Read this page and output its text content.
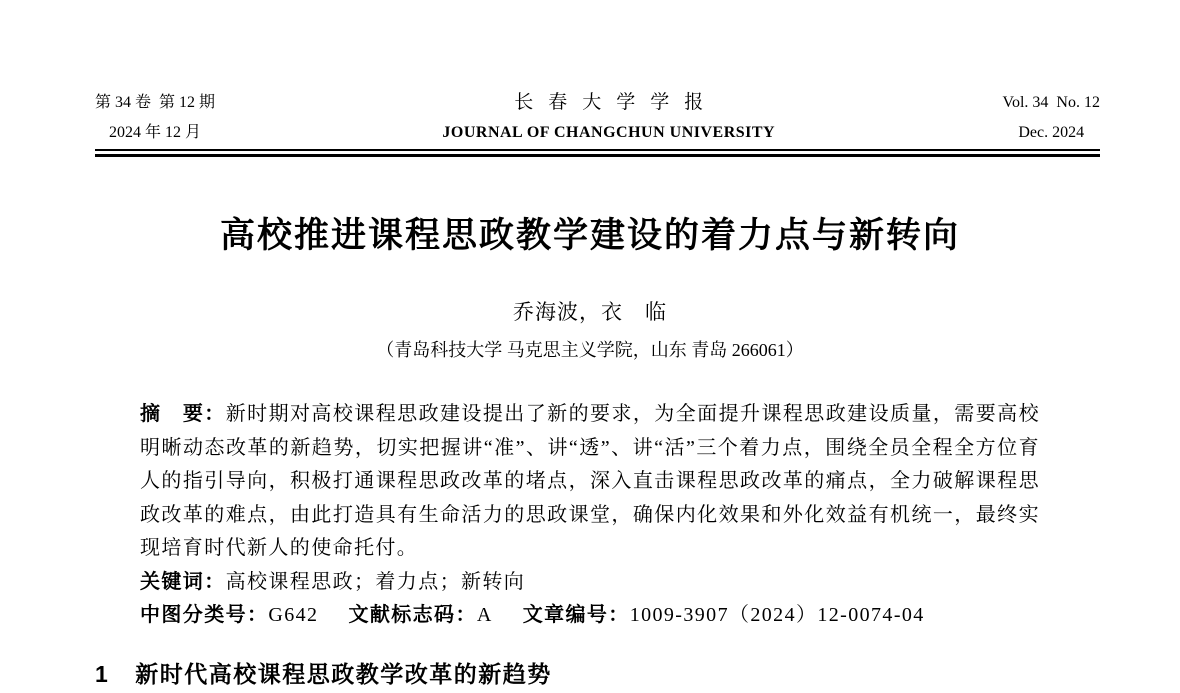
第 34 卷  第 12 期
2024 年 12 月
长春大学学报
JOURNAL OF CHANGCHUN UNIVERSITY
Vol. 34  No. 12
Dec. 2024
高校推进课程思政教学建设的着力点与新转向
乔海波，衣　临
（青岛科技大学 马克思主义学院，山东 青岛 266061）

摘　要：新时期对高校课程思政建设提出了新的要求，为全面提升课程思政建设质量，需要高校明晰动态改革的新趋势，切实把握讲“准”、讲“透”、讲“活”三个着力点，围绕全员全程全方位育人的指引导向，积极打通课程思政改革的堵点，深入直击课程思政改革的痛点，全力破解课程思政改革的难点，由此打造具有生命活力的思政课堂，确保内化效果和外化效益有机统一，最终实现培育时代新人的使命托付。

关键词：高校课程思政；着力点；新转向

中图分类号：G642 文献标志码：A 文章编号：1009-3907（2024）12-0074-04

1 新时代高校课程思政教学改革的新趋势
